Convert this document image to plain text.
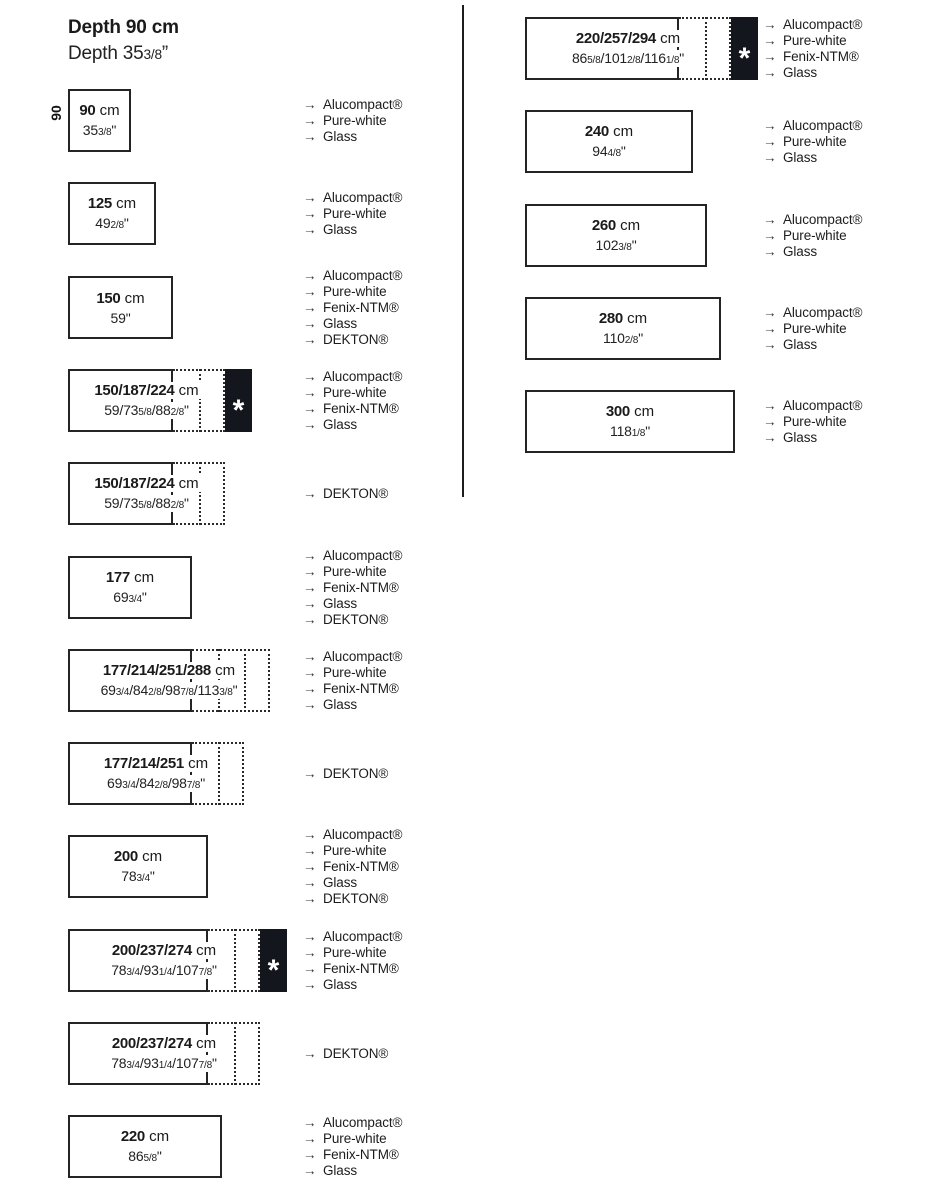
Depth 90 cm
Depth 353/8”
90 90 cm
353/8"
→ Alucompact®
→ Pure-white
→ Glass
125 cm
492/8"
→ Alucompact®
→ Pure-white
→ Glass
150 cm
59"
→ Alucompact®
→ Pure-white
→ Fenix-NTM®
→ Glass
→ DEKTON®
*
150/187/224 cm
59/735/8/882/8"
→ Alucompact®
→ Pure-white
→ Fenix-NTM®
→ Glass
150/187/224 cm
59/735/8/882/8"
→ DEKTON®
177 cm
693/4"
→ Alucompact®
→ Pure-white
→ Fenix-NTM®
→ Glass
→ DEKTON®
177/214/251/288 cm
693/4/842/8/987/8/1133/8"
→ Alucompact®
→ Pure-white
→ Fenix-NTM®
→ Glass
177/214/251 cm
693/4/842/8/987/8"
→ DEKTON®
200 cm
783/4"
→ Alucompact®
→ Pure-white
→ Fenix-NTM®
→ Glass
→ DEKTON®
*
200/237/274 cm
783/4/931/4/1077/8"
→ Alucompact®
→ Pure-white
→ Fenix-NTM®
→ Glass
200/237/274 cm
783/4/931/4/1077/8"
→ DEKTON®
220 cm
865/8"
→ Alucompact®
→ Pure-white
→ Fenix-NTM®
→ Glass
*
220/257/294 cm
865/8/1012/8/1161/8"
→ Alucompact®
→ Pure-white
→ Fenix-NTM®
→ Glass
240 cm
944/8"
→ Alucompact®
→ Pure-white
→ Glass
260 cm
1023/8"
→ Alucompact®
→ Pure-white
→ Glass
280 cm
1102/8"
→ Alucompact®
→ Pure-white
→ Glass
300 cm
1181/8"
→ Alucompact®
→ Pure-white
→ Glass
